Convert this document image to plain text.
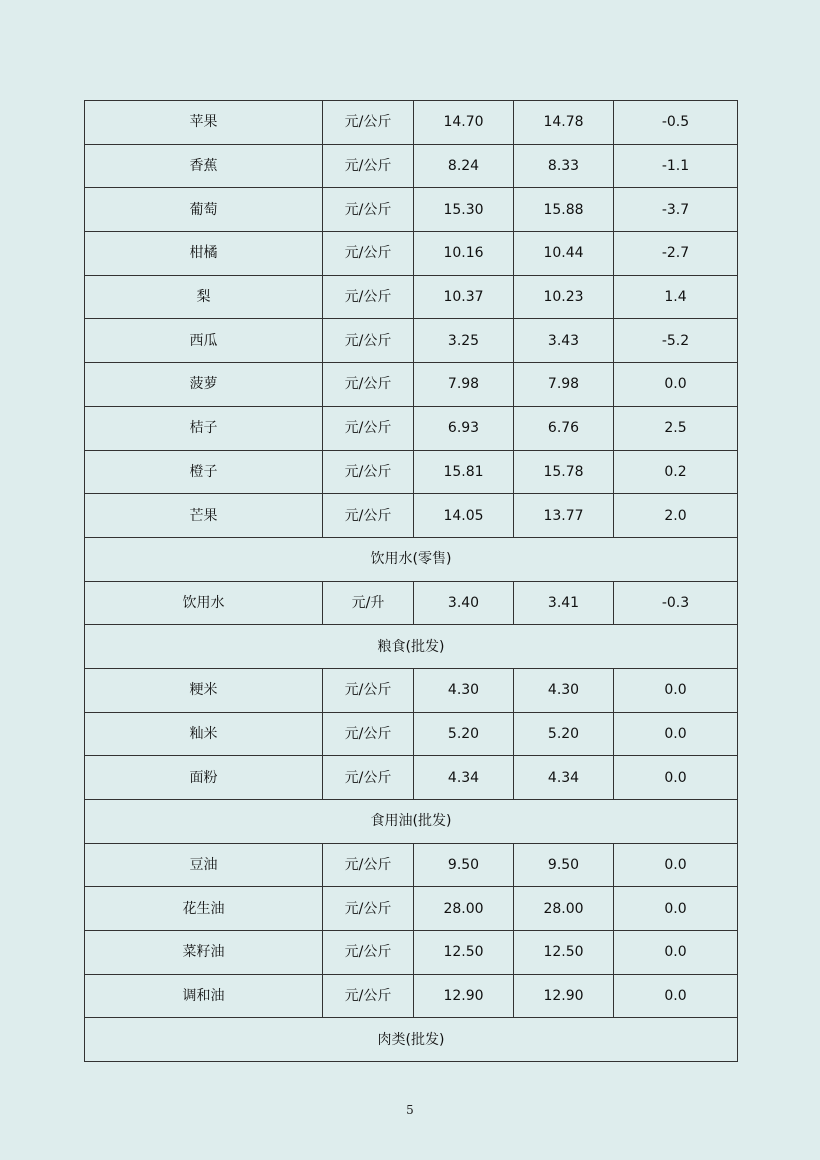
苹果	元/公斤	14.70	14.78	-0.5
香蕉	元/公斤	8.24	8.33	-1.1
葡萄	元/公斤	15.30	15.88	-3.7
柑橘	元/公斤	10.16	10.44	-2.7
梨	元/公斤	10.37	10.23	1.4
西瓜	元/公斤	3.25	3.43	-5.2
菠萝	元/公斤	7.98	7.98	0.0
桔子	元/公斤	6.93	6.76	2.5
橙子	元/公斤	15.81	15.78	0.2
芒果	元/公斤	14.05	13.77	2.0
饮用水(零售)				
饮用水	元/升	3.40	3.41	-0.3
粮食(批发)				
粳米	元/公斤	4.30	4.30	0.0
籼米	元/公斤	5.20	5.20	0.0
面粉	元/公斤	4.34	4.34	0.0
食用油(批发)				
豆油	元/公斤	9.50	9.50	0.0
花生油	元/公斤	28.00	28.00	0.0
菜籽油	元/公斤	12.50	12.50	0.0
调和油	元/公斤	12.90	12.90	0.0
肉类(批发)				
5
